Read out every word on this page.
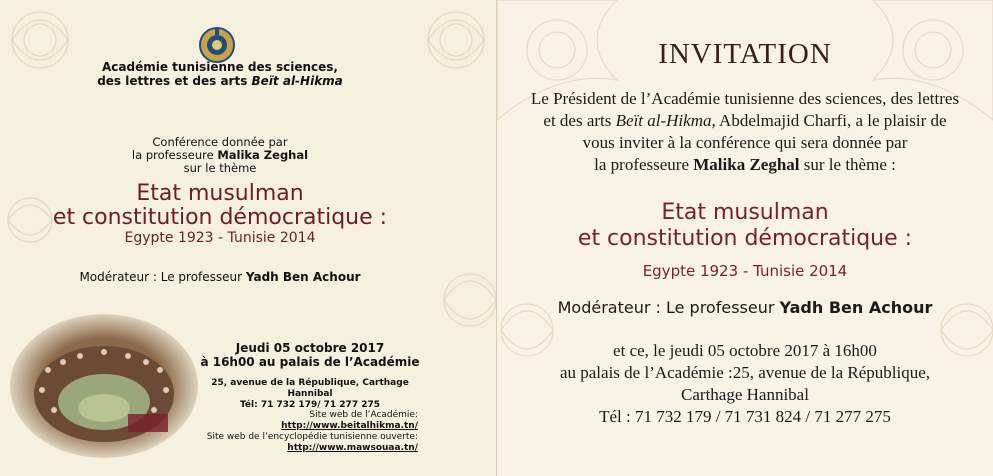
Académie tunisienne des sciences,
des lettres et des arts Beït al-Hikma
Conférence donnée par
la professeure Malika Zeghal
sur le thème
Etat musulman
et constitution démocratique :
Egypte 1923 - Tunisie 2014
Modérateur : Le professeur Yadh Ben Achour
Jeudi 05 octobre 2017
à 16h00 au palais de l’Académie
25, avenue de la République, Carthage Hannibal
Tél: 71 732 179/ 71 277 275
Site web de l’Académie:
http://www.beitalhikma.tn/
Site web de l’encyclopédie tunisienne ouverte:
http://www.mawsouaa.tn/
INVITATION
Le Président de l’Académie tunisienne des sciences, des lettres
et des arts Beït al-Hikma, Abdelmajid Charfi, a le plaisir de
vous inviter à la conférence qui sera donnée par
la professeure Malika Zeghal sur le thème :
Etat musulman
et constitution démocratique :
Egypte 1923 - Tunisie 2014
Modérateur : Le professeur Yadh Ben Achour
et ce, le jeudi 05 octobre 2017 à 16h00
au palais de l’Académie :25, avenue de la République,
Carthage Hannibal
Tél : 71 732 179 / 71 731 824 / 71 277 275
